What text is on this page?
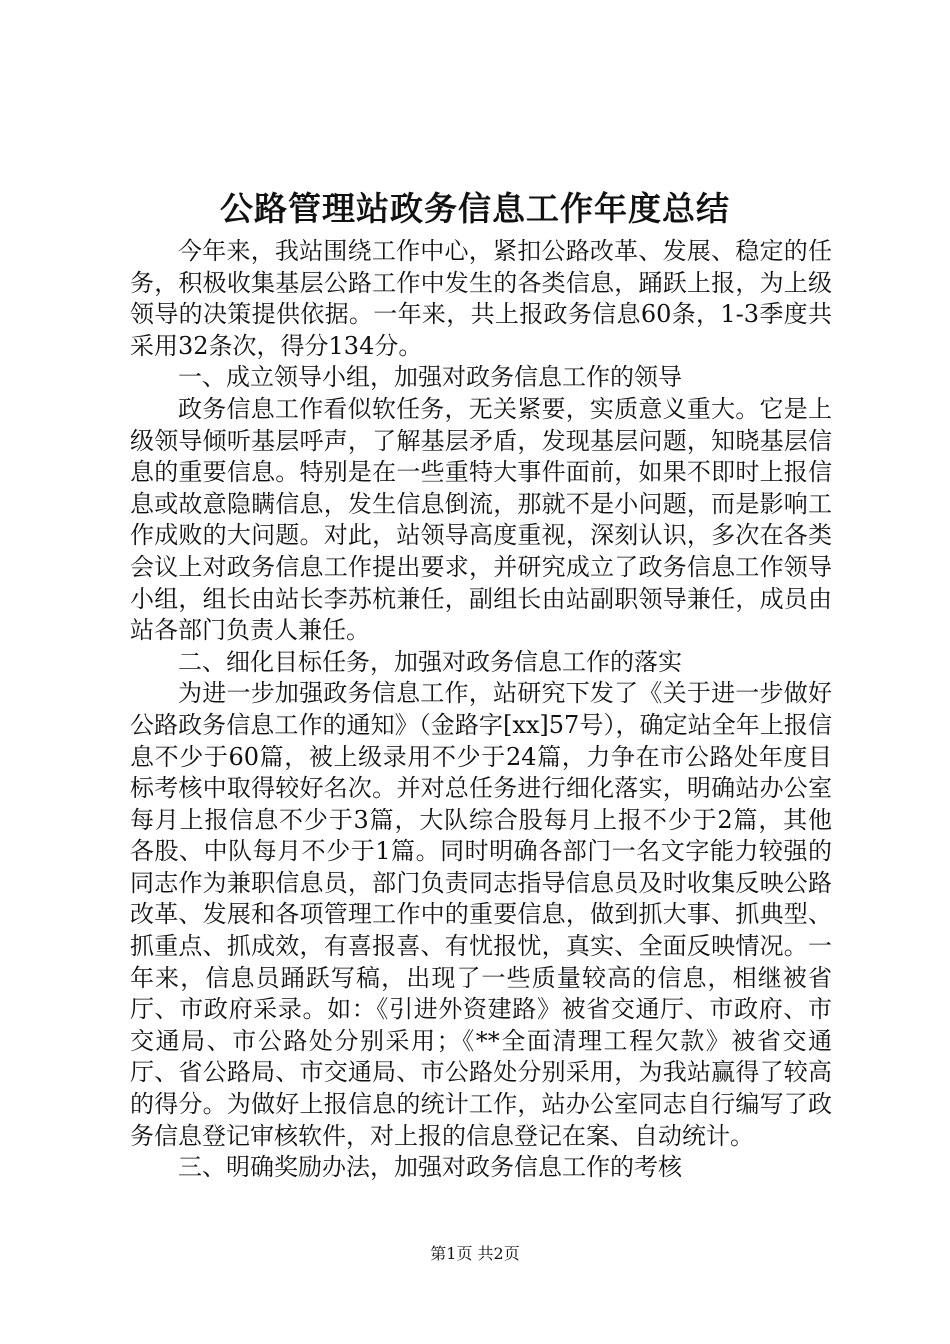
公路管理站政务信息工作年度总结

今年来，我站围绕工作中心，紧扣公路改革、发展、稳定的任务，积极收集基层公路工作中发生的各类信息，踊跃上报，为上级领导的决策提供依据。一年来，共上报政务信息60条，1-3季度共采用32条次，得分134分。

一、成立领导小组，加强对政务信息工作的领导

政务信息工作看似软任务，无关紧要，实质意义重大。它是上级领导倾听基层呼声，了解基层矛盾，发现基层问题，知晓基层信息的重要信息。特别是在一些重特大事件面前，如果不即时上报信息或故意隐瞒信息，发生信息倒流，那就不是小问题，而是影响工作成败的大问题。对此，站领导高度重视，深刻认识，多次在各类会议上对政务信息工作提出要求，并研究成立了政务信息工作领导小组，组长由站长李苏杭兼任，副组长由站副职领导兼任，成员由站各部门负责人兼任。

二、细化目标任务，加强对政务信息工作的落实

为进一步加强政务信息工作，站研究下发了《关于进一步做好公路政务信息工作的通知》（金路字[xx]57号），确定站全年上报信息不少于60篇，被上级录用不少于24篇，力争在市公路处年度目标考核中取得较好名次。并对总任务进行细化落实，明确站办公室每月上报信息不少于3篇，大队综合股每月上报不少于2篇，其他各股、中队每月不少于1篇。同时明确各部门一名文字能力较强的同志作为兼职信息员，部门负责同志指导信息员及时收集反映公路改革、发展和各项管理工作中的重要信息，做到抓大事、抓典型、抓重点、抓成效，有喜报喜、有忧报忧，真实、全面反映情况。一年来，信息员踊跃写稿，出现了一些质量较高的信息，相继被省厅、市政府采录。如：《引进外资建路》被省交通厅、市政府、市交通局、市公路处分别采用；《**全面清理工程欠款》被省交通厅、省公路局、市交通局、市公路处分别采用，为我站赢得了较高的得分。为做好上报信息的统计工作，站办公室同志自行编写了政务信息登记审核软件，对上报的信息登记在案、自动统计。

三、明确奖励办法，加强对政务信息工作的考核

第1页 共2页
